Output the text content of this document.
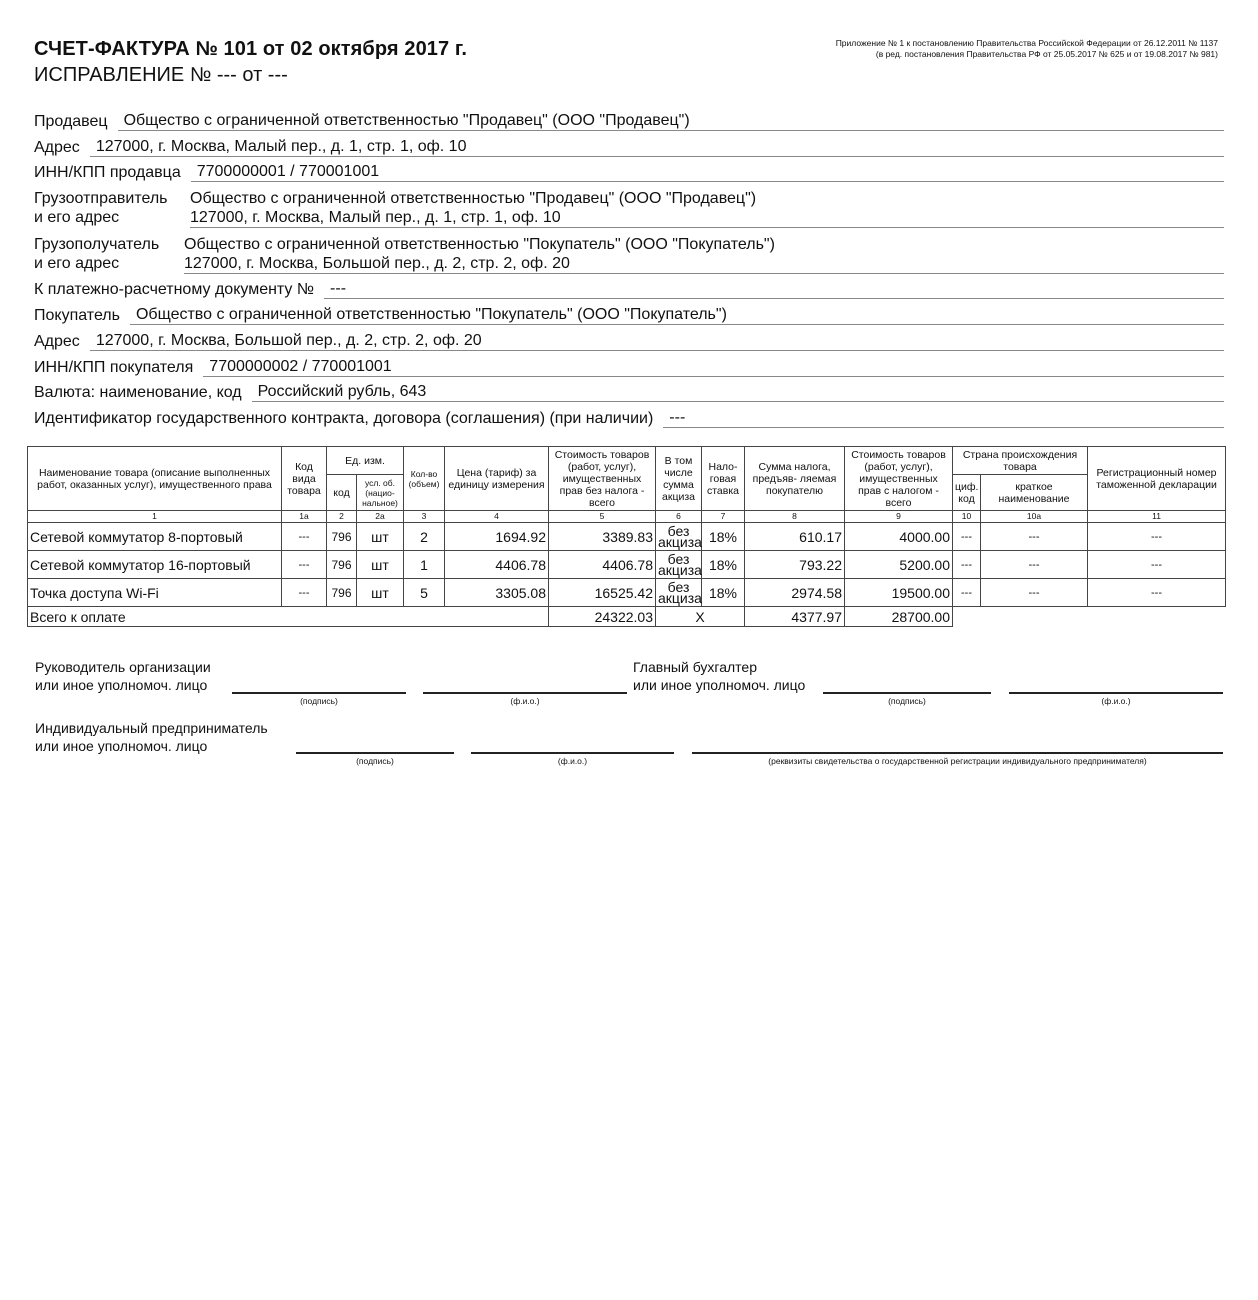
СЧЕТ-ФАКТУРА № 101 от 02 октября 2017 г.
ИСПРАВЛЕНИЕ № --- от ---
Приложение № 1 к постановлению Правительства Российской Федерации от 26.12.2011 № 1137
(в ред. постановления Правительства РФ от 25.05.2017 № 625 и от 19.08.2017 № 981)
Продавец	Общество с ограниченной ответственностью "Продавец" (ООО "Продавец")
Адрес	127000, г. Москва, Малый пер., д. 1, стр. 1, оф. 10
ИНН/КПП продавца	7700000001 / 770001001
Грузоотправитель	Общество с ограниченной ответственностью "Продавец" (ООО "Продавец")
и его адрес	127000, г. Москва, Малый пер., д. 1, стр. 1, оф. 10
Грузополучатель	Общество с ограниченной ответственностью "Покупатель" (ООО "Покупатель")
и его адрес	127000, г. Москва, Большой пер., д. 2, стр. 2, оф. 20
К платежно-расчетному документу №	---
Покупатель	Общество с ограниченной ответственностью "Покупатель" (ООО "Покупатель")
Адрес	127000, г. Москва, Большой пер., д. 2, стр. 2, оф. 20
ИНН/КПП покупателя	7700000002 / 770001001
Валюта: наименование, код	Российский рубль, 643
Идентификатор государственного контракта, договора (соглашения) (при наличии)	---
Наименование товара (описание выполненных работ, оказанных услуг), имущественного права	Код вида товара	Ед. изм.		Кол-во (объем)	Цена (тариф) за единицу измерения	Стоимость товаров (работ, услуг), имущественных прав без налога - всего	В том числе сумма акциза	Нало- говая ставка	Сумма налога, предъяв- ляемая покупателю	Стоимость товаров (работ, услуг), имущественных прав с налогом - всего	Страна происхождения товара		Регистрационный номер таможенной декларации
		код	усл. об. (нацио- нальное)								циф. код	краткое наименование	
1	1а	2	2а	3	4	5	6	7	8	9	10	10а	11
Сетевой коммутатор 8-портовый	---	796	шт	2	1694.92	3389.83	без акциза	18%	610.17	4000.00	---	---	---
Сетевой коммутатор 16-портовый	---	796	шт	1	4406.78	4406.78	без акциза	18%	793.22	5200.00	---	---	---
Точка доступа Wi-Fi	---	796	шт	5	3305.08	16525.42	без акциза	18%	2974.58	19500.00	---	---	---
Всего к оплате						24322.03	X		4377.97	28700.00			
Руководитель организации
или иное уполномоч. лицо
(подпись)	(ф.и.о.)
Главный бухгалтер
или иное уполномоч. лицо
(подпись)	(ф.и.о.)
Индивидуальный предприниматель
или иное уполномоч. лицо
(подпись)	(ф.и.о.)	(реквизиты свидетельства о государственной регистрации индивидуального предпринимателя)
